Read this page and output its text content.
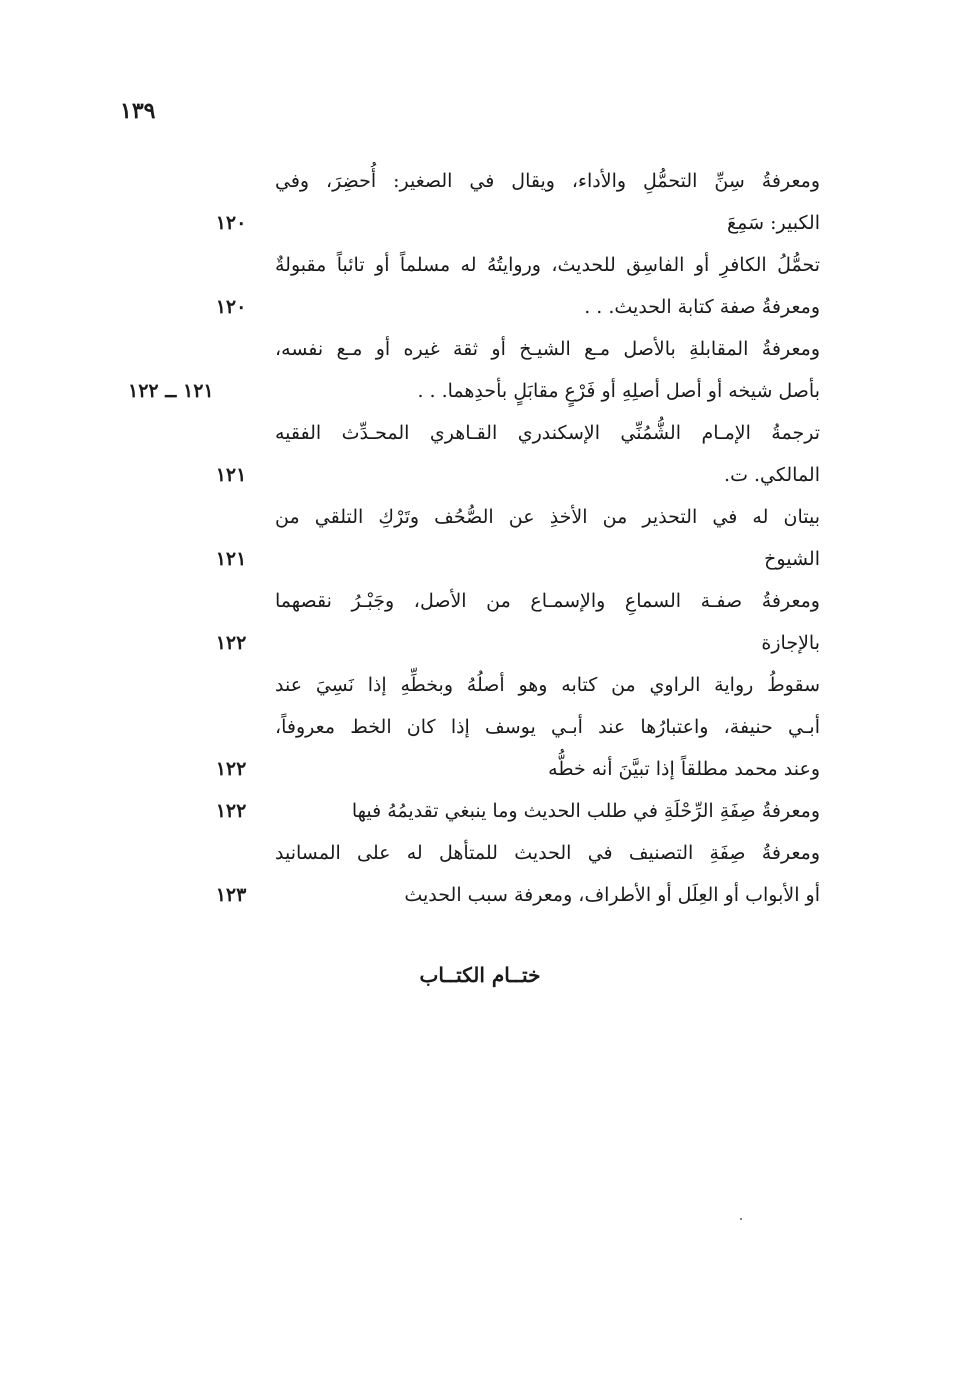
١٣٩
ومعرفةُ سِنِّ التحمُّلِ والأداء، ويقال في الصغير: أُحضِرَ، وفي
الكبير: سَمِعَ
١٢٠
تحمُّلُ الكافرِ أو الفاسِق للحديث، وروايتُهُ له مسلماً أو تائباً مقبولةٌ
ومعرفةُ صفة كتابة الحديث. . .
١٢٠
ومعرفةُ المقابلةِ بالأصل مـع الشيـخ أو ثقة غيره أو مـع نفسه،
بأصل شيخه أو أصل أصلِهِ أو فَرْعٍ مقابَلٍ بأحدِهما. . .
١٢١ ــ ١٢٢
ترجمةُ الإمـام الشُّمُنِّي الإسكندري القـاهري المحـدِّث الفقيه
المالكي. ت.
١٢١
بيتان له في التحذير من الأخذِ عن الصُّحُف وتَرْكِ التلقي من
الشيوخ
١٢١
ومعرفةُ صفـة السماعِ والإسمـاع من الأصل، وجَبْـرُ نقصهما
بالإجازة
١٢٢
سقوطُ رواية الراوي من كتابه وهو أصلُهُ وبخطِّهِ إذا نَسِيَ عند
أبـي حنيفة، واعتبارُها عند أبـي يوسف إذا كان الخط معروفاً،
وعند محمد مطلقاً إذا تبيَّنَ أنه خطُّه
١٢٢
ومعرفةُ صِفَةِ الرِّحْلَةِ في طلب الحديث وما ينبغي تقديمُهُ فيها
١٢٢
ومعرفةُ صِفَةِ التصنيف في الحديث للمتأهل له على المسانيد
أو الأبواب أو العِلَل أو الأطراف، ومعرفة سبب الحديث
١٢٣
ختــام الكتــاب
